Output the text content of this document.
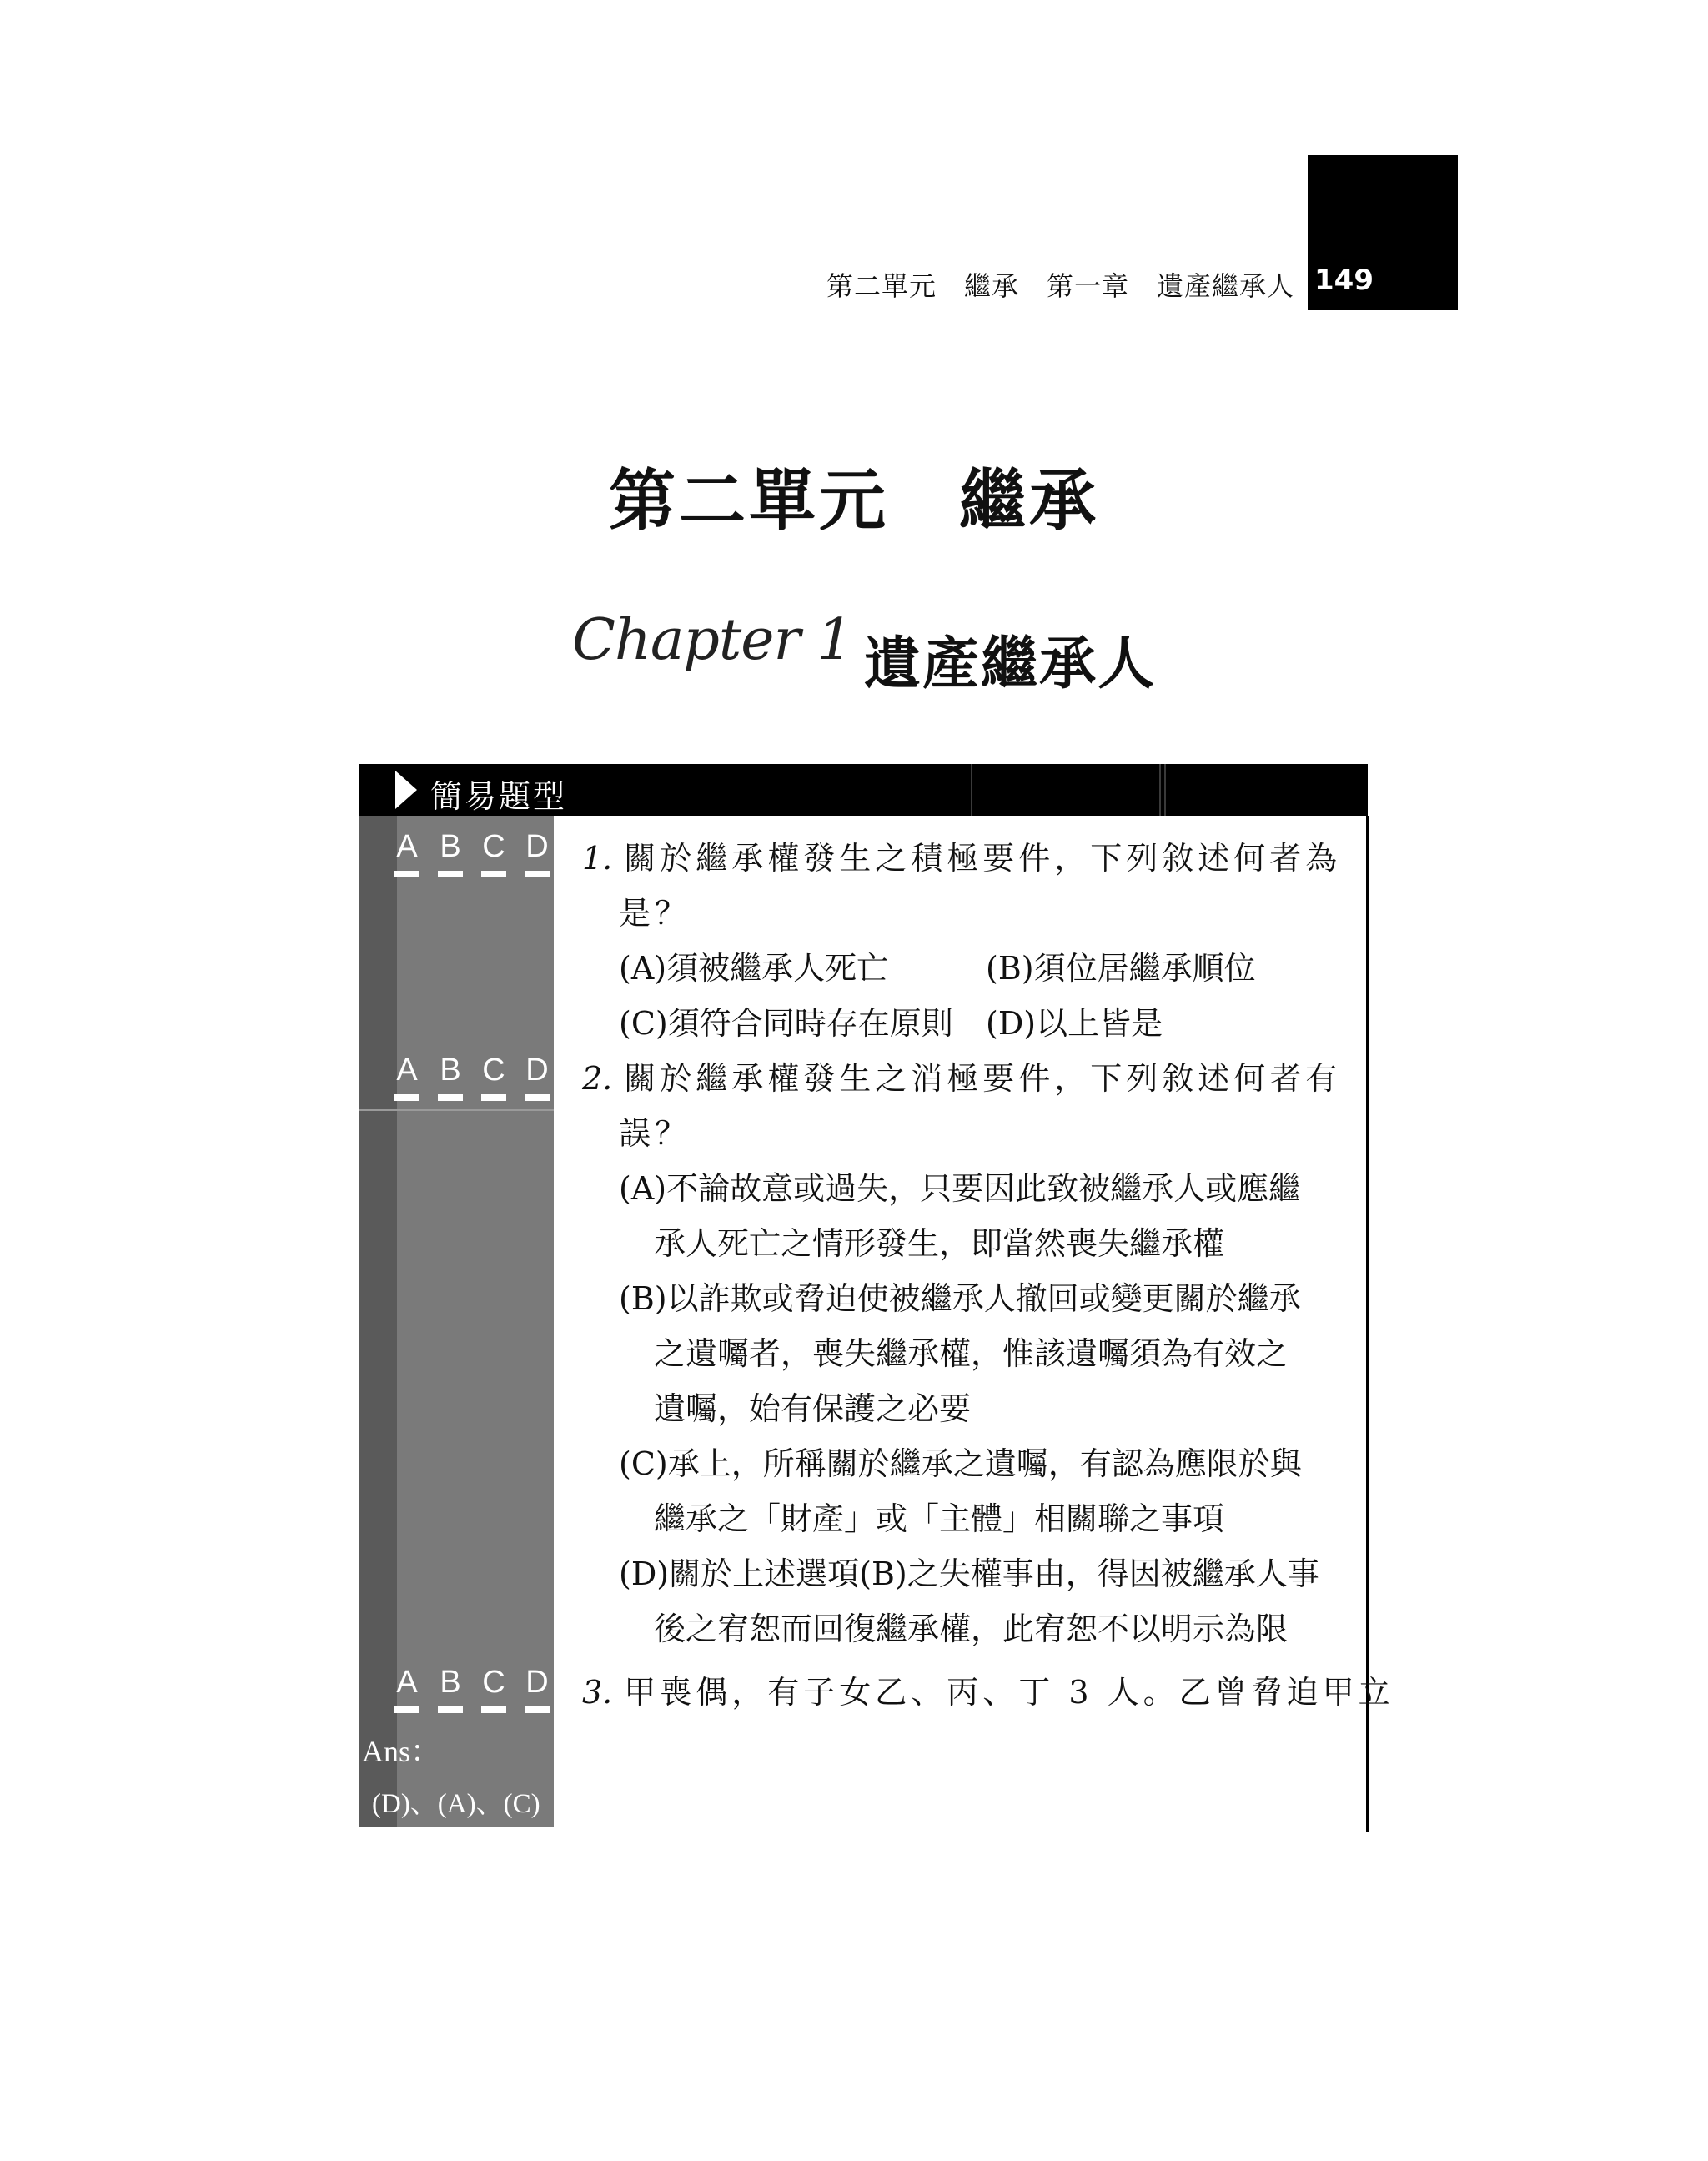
149
第二單元　繼承　第一章　遺產繼承人
第二單元　繼承
Chapter 1 遺產繼承人
簡易題型
A B C D
A B C D
A B C D
Ans：
(D)、(A)、(C)
1. 關於繼承權發生之積極要件，下列敘述何者為
是？
(A)須被繼承人死亡	(B)須位居繼承順位
(C)須符合同時存在原則 (D)以上皆是
2. 關於繼承權發生之消極要件，下列敘述何者有
誤？
(A)不論故意或過失，只要因此致被繼承人或應繼
承人死亡之情形發生，即當然喪失繼承權
(B)以詐欺或脅迫使被繼承人撤回或變更關於繼承
之遺囑者，喪失繼承權，惟該遺囑須為有效之
遺囑，始有保護之必要
(C)承上，所稱關於繼承之遺囑，有認為應限於與
繼承之「財產」或「主體」相關聯之事項
(D)關於上述選項(B)之失權事由，得因被繼承人事
後之宥恕而回復繼承權，此宥恕不以明示為限
3. 甲喪偶，有子女乙、丙、丁 3 人。乙曾脅迫甲立
